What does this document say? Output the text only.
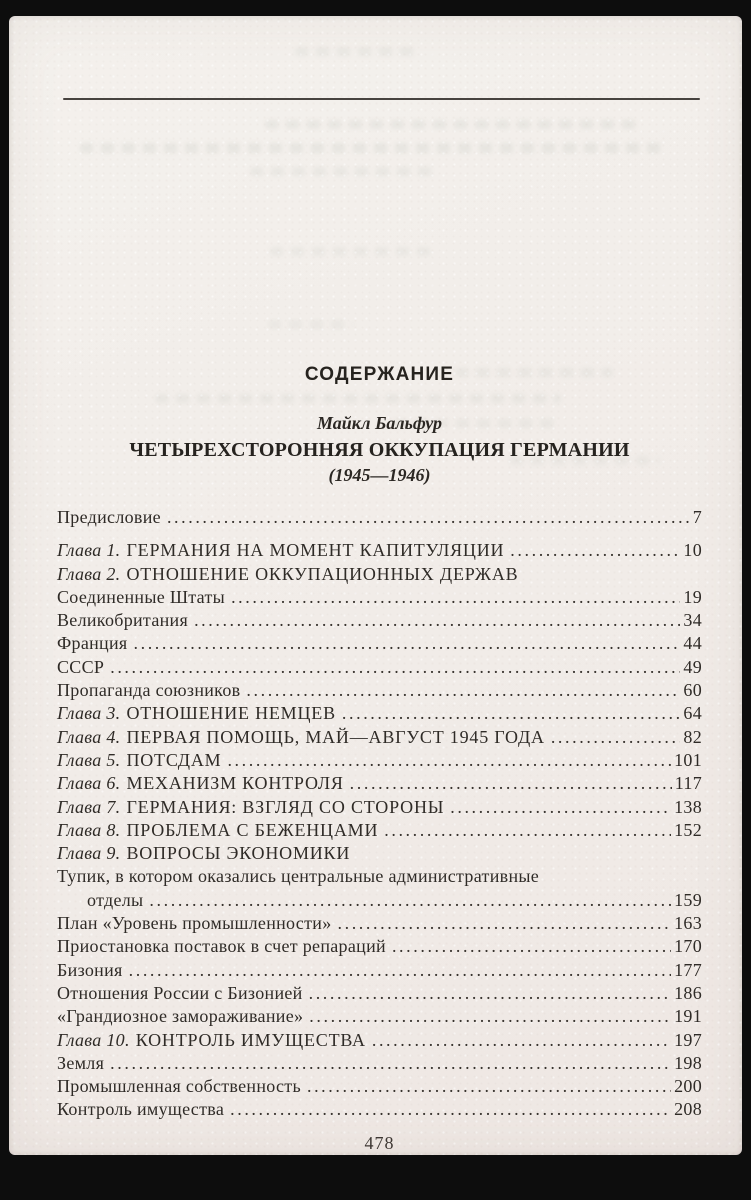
СОДЕРЖАНИЕ
Майкл Бальфур
ЧЕТЫРЕХСТОРОННЯЯ ОККУПАЦИЯ ГЕРМАНИИ
(1945—1946)
Предисловие .....	7
Глава 1. ГЕРМАНИЯ НА МОМЕНТ КАПИТУЛЯЦИИ .....	10
Глава 2. ОТНОШЕНИЕ ОККУПАЦИОННЫХ ДЕРЖАВ
Соединенные Штаты .....	19
Великобритания .....	34
Франция .....	44
СССР .....	49
Пропаганда союзников .....	60
Глава 3. ОТНОШЕНИЕ НЕМЦЕВ .....	64
Глава 4. ПЕРВАЯ ПОМОЩЬ, МАЙ—АВГУСТ 1945 ГОДА .....	82
Глава 5. ПОТСДАМ .....	101
Глава 6. МЕХАНИЗМ КОНТРОЛЯ .....	117
Глава 7. ГЕРМАНИЯ: ВЗГЛЯД СО СТОРОНЫ .....	138
Глава 8. ПРОБЛЕМА С БЕЖЕНЦАМИ .....	152
Глава 9. ВОПРОСЫ ЭКОНОМИКИ
Тупик, в котором оказались центральные административные
отделы .....	159
План «Уровень промышленности» .....	163
Приостановка поставок в счет репараций .....	170
Бизония .....	177
Отношения России с Бизонией .....	186
«Грандиозное замораживание» .....	191
Глава 10. КОНТРОЛЬ ИМУЩЕСТВА .....	197
Земля .....	198
Промышленная собственность .....	200
Контроль имущества .....	208
478
